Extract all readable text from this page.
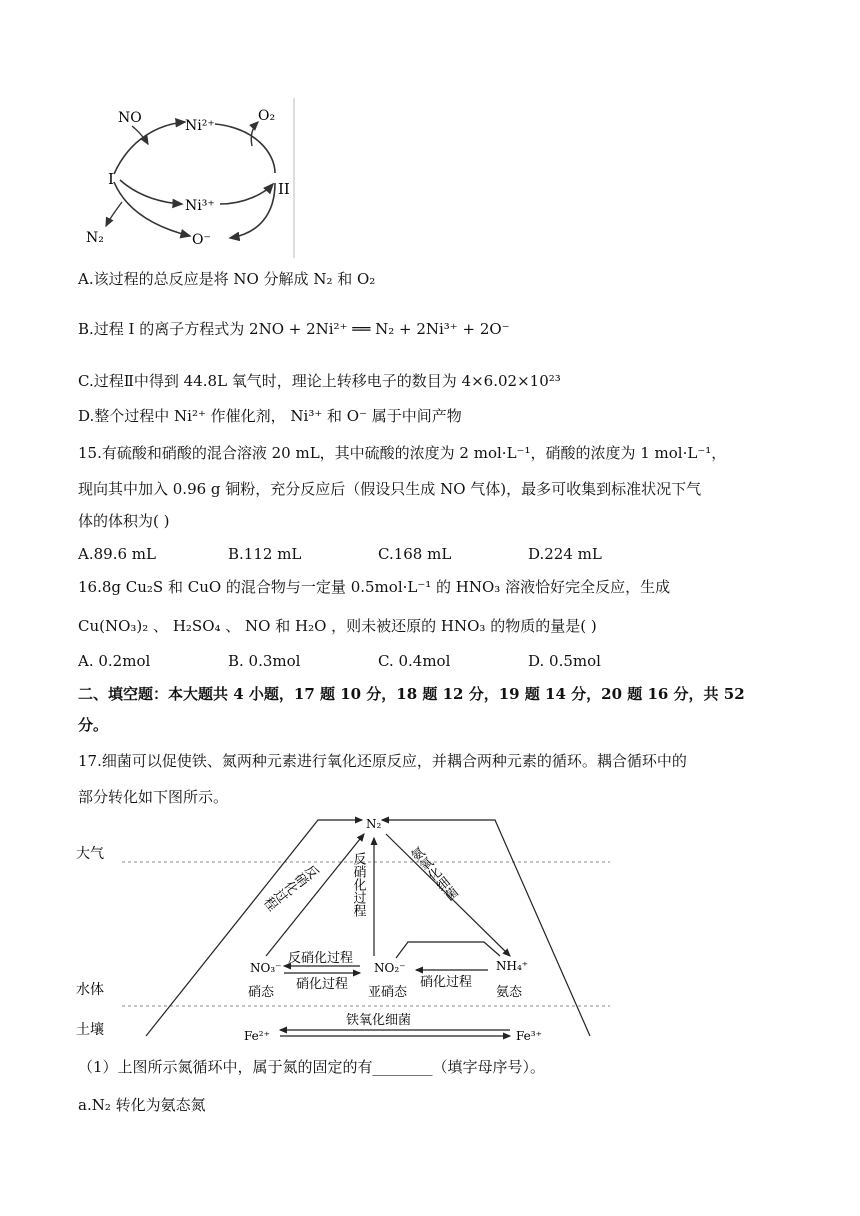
NO	Ni²⁺
O₂
I
Ni³⁺
II
N₂	O⁻
A.该过程的总反应是将 NO 分解成 N₂ 和 O₂
B.过程 I 的离子方程式为 2NO + 2Ni²⁺ ══ N₂ + 2Ni³⁺ + 2O⁻
C.过程Ⅱ中得到 44.8L 氧气时，理论上转移电子的数目为 4×6.02×10²³
D.整个过程中 Ni²⁺ 作催化剂， Ni³⁺ 和 O⁻ 属于中间产物
15.有硫酸和硝酸的混合溶液 20 mL，其中硫酸的浓度为 2 mol·L⁻¹，硝酸的浓度为 1 mol·L⁻¹，
现向其中加入 0.96 g 铜粉，充分反应后（假设只生成 NO 气体)，最多可收集到标准状况下气
体的体积为( )
A.89.6 mL	B.112 mL	C.168 mL	D.224 mL
16.8g Cu₂S 和 CuO 的混合物与一定量 0.5mol·L⁻¹ 的 HNO₃ 溶液恰好完全反应，生成
Cu(NO₃)₂ 、 H₂SO₄ 、 NO 和 H₂O ，则未被还原的 HNO₃ 的物质的量是( )
A. 0.2mol	B. 0.3mol	C. 0.4mol	D. 0.5mol
二、填空题：本大题共 4 小题，17 题 10 分，18 题 12 分，19 题 14 分，20 题 16 分，共 52
分。
17.细菌可以促使铁、氮两种元素进行氧化还原反应，并耦合两种元素的循环。耦合循环中的
部分转化如下图所示。
大气
水体
土壤
N₂
NO₃⁻
硝态
NO₂⁻
亚硝态
NH₄⁺
氨态
Fe²⁺	Fe³⁺
反硝化过程
硝化过程	硝化过程
铁氧化细菌
反硝化过程
反硝化过程	氨氧化细菌
（1）上图所示氮循环中，属于氮的固定的有________（填字母序号）。
a.N₂ 转化为氨态氮
